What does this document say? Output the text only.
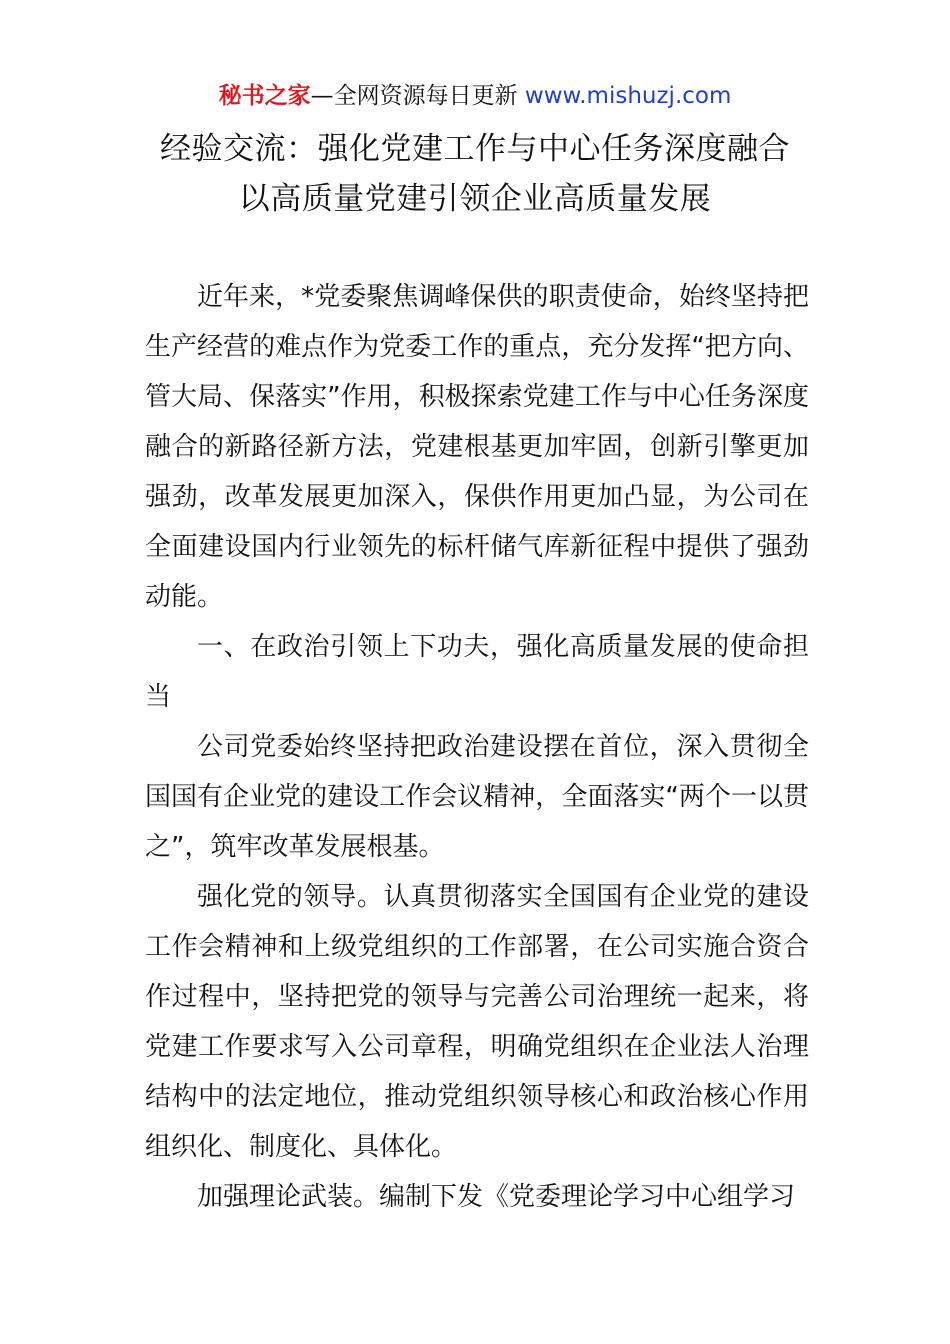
秘书之家—全网资源每日更新 www.mishuzj.com
经验交流：强化党建工作与中心任务深度融合
以高质量党建引领企业高质量发展

近年来，*党委聚焦调峰保供的职责使命，始终坚持把生产经营的难点作为党委工作的重点，充分发挥“把方向、管大局、保落实”作用，积极探索党建工作与中心任务深度融合的新路径新方法，党建根基更加牢固，创新引擎更加强劲，改革发展更加深入，保供作用更加凸显，为公司在全面建设国内行业领先的标杆储气库新征程中提供了强劲动能。

一、在政治引领上下功夫，强化高质量发展的使命担当

公司党委始终坚持把政治建设摆在首位，深入贯彻全国国有企业党的建设工作会议精神，全面落实“两个一以贯之”，筑牢改革发展根基。

强化党的领导。认真贯彻落实全国国有企业党的建设工作会精神和上级党组织的工作部署，在公司实施合资合作过程中，坚持把党的领导与完善公司治理统一起来，将党建工作要求写入公司章程，明确党组织在企业法人治理结构中的法定地位，推动党组织领导核心和政治核心作用组织化、制度化、具体化。

加强理论武装。编制下发《党委理论学习中心组学习
